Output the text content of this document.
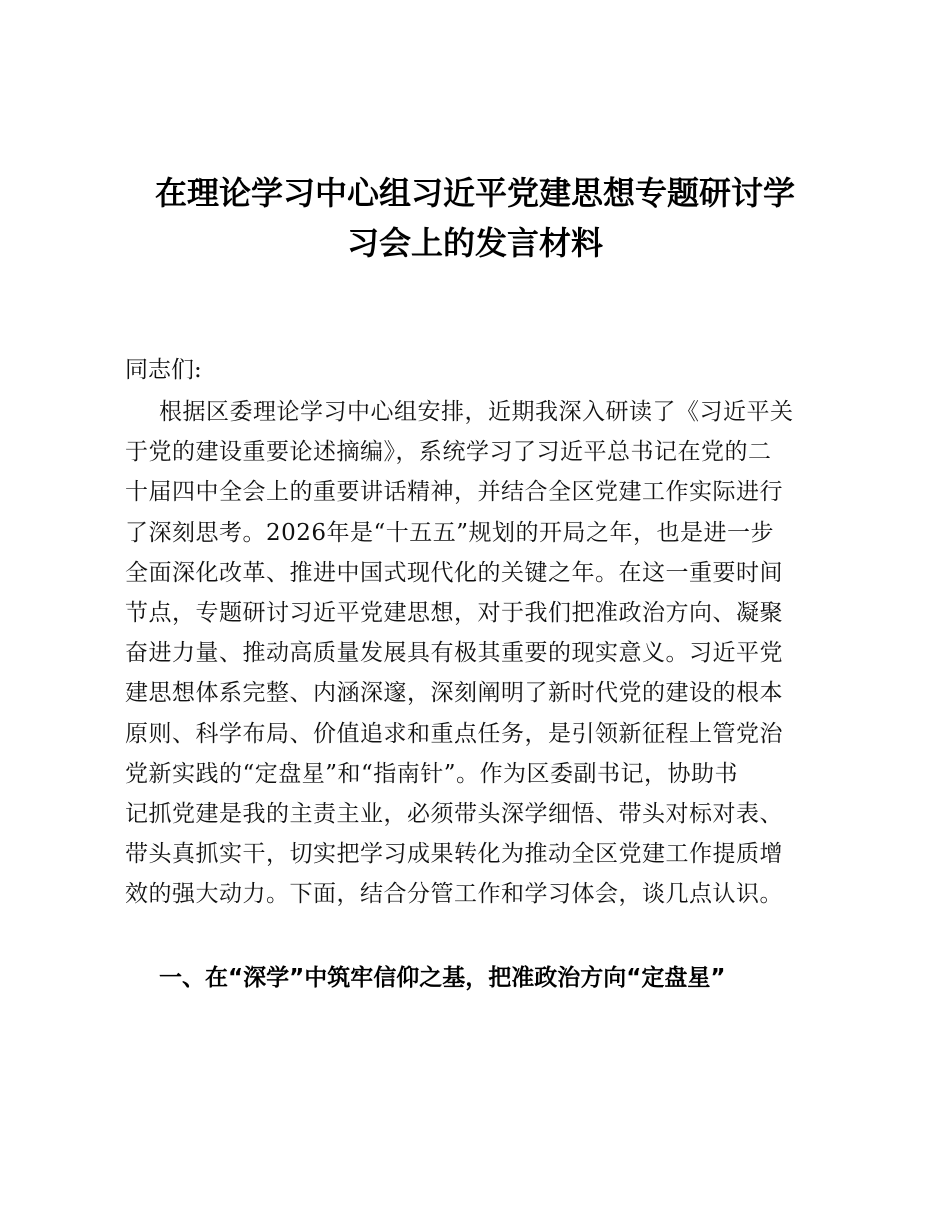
在理论学习中心组习近平党建思想专题研讨学
习会上的发言材料
同志们:
根据区委理论学习中心组安排，近期我深入研读了《习近平关
于党的建设重要论述摘编》，系统学习了习近平总书记在党的二
十届四中全会上的重要讲话精神，并结合全区党建工作实际进行
了深刻思考。2026年是“十五五”规划的开局之年，也是进一步
全面深化改革、推进中国式现代化的关键之年。在这一重要时间
节点，专题研讨习近平党建思想，对于我们把准政治方向、凝聚
奋进力量、推动高质量发展具有极其重要的现实意义。习近平党
建思想体系完整、内涵深邃，深刻阐明了新时代党的建设的根本
原则、科学布局、价值追求和重点任务，是引领新征程上管党治
党新实践的“定盘星”和“指南针”。作为区委副书记，协助书
记抓党建是我的主责主业，必须带头深学细悟、带头对标对表、
带头真抓实干，切实把学习成果转化为推动全区党建工作提质增
效的强大动力。下面，结合分管工作和学习体会，谈几点认识。
一、在“深学”中筑牢信仰之基，把准政治方向“定盘星”
